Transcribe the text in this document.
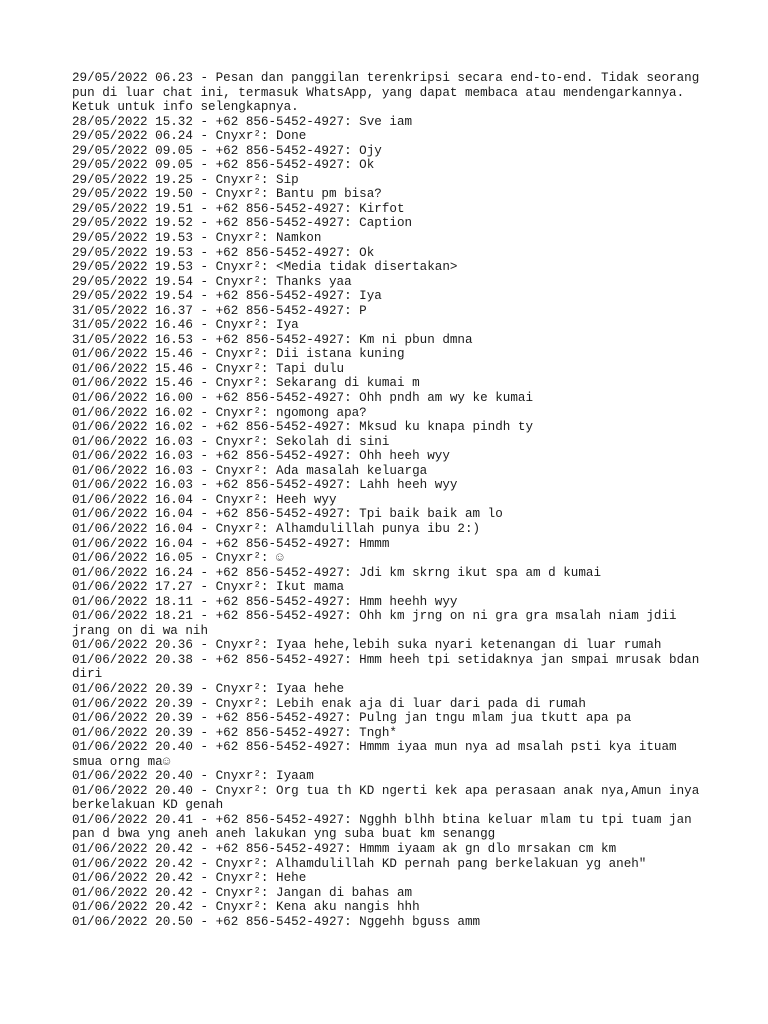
29/05/2022 06.23 - Pesan dan panggilan terenkripsi secara end-to-end. Tidak seorang pun di luar chat ini, termasuk WhatsApp, yang dapat membaca atau mendengarkannya. Ketuk untuk info selengkapnya.
28/05/2022 15.32 - +62 856-5452-4927: Sve iam
29/05/2022 06.24 - Cnyxr²: Done
29/05/2022 09.05 - +62 856-5452-4927: Ojy
29/05/2022 09.05 - +62 856-5452-4927: Ok
29/05/2022 19.25 - Cnyxr²: Sip
29/05/2022 19.50 - Cnyxr²: Bantu pm bisa?
29/05/2022 19.51 - +62 856-5452-4927: Kirfot
29/05/2022 19.52 - +62 856-5452-4927: Caption
29/05/2022 19.53 - Cnyxr²: Namkon
29/05/2022 19.53 - +62 856-5452-4927: Ok
29/05/2022 19.53 - Cnyxr²: <Media tidak disertakan>
29/05/2022 19.54 - Cnyxr²: Thanks yaa
29/05/2022 19.54 - +62 856-5452-4927: Iya
31/05/2022 16.37 - +62 856-5452-4927: P
31/05/2022 16.46 - Cnyxr²: Iya
31/05/2022 16.53 - +62 856-5452-4927: Km ni pbun dmna
01/06/2022 15.46 - Cnyxr²: Dii istana kuning
01/06/2022 15.46 - Cnyxr²: Tapi dulu
01/06/2022 15.46 - Cnyxr²: Sekarang di kumai m
01/06/2022 16.00 - +62 856-5452-4927: Ohh pndh am wy ke kumai
01/06/2022 16.02 - Cnyxr²: ngomong apa?
01/06/2022 16.02 - +62 856-5452-4927: Mksud ku knapa pindh ty
01/06/2022 16.03 - Cnyxr²: Sekolah di sini
01/06/2022 16.03 - +62 856-5452-4927: Ohh heeh wyy
01/06/2022 16.03 - Cnyxr²: Ada masalah keluarga
01/06/2022 16.03 - +62 856-5452-4927: Lahh heeh wyy
01/06/2022 16.04 - Cnyxr²: Heeh wyy
01/06/2022 16.04 - +62 856-5452-4927: Tpi baik baik am lo
01/06/2022 16.04 - Cnyxr²: Alhamdulillah punya ibu 2:)
01/06/2022 16.04 - +62 856-5452-4927: Hmmm
01/06/2022 16.05 - Cnyxr²: ☺
01/06/2022 16.24 - +62 856-5452-4927: Jdi km skrng ikut spa am d kumai
01/06/2022 17.27 - Cnyxr²: Ikut mama
01/06/2022 18.11 - +62 856-5452-4927: Hmm heehh wyy
01/06/2022 18.21 - +62 856-5452-4927: Ohh km jrng on ni gra gra msalah niam jdii jrang on di wa nih
01/06/2022 20.36 - Cnyxr²: Iyaa hehe,lebih suka nyari ketenangan di luar rumah
01/06/2022 20.38 - +62 856-5452-4927: Hmm heeh tpi setidaknya jan smpai mrusak bdan diri
01/06/2022 20.39 - Cnyxr²: Iyaa hehe
01/06/2022 20.39 - Cnyxr²: Lebih enak aja di luar dari pada di rumah
01/06/2022 20.39 - +62 856-5452-4927: Pulng jan tngu mlam jua tkutt apa pa
01/06/2022 20.39 - +62 856-5452-4927: Tngh*
01/06/2022 20.40 - +62 856-5452-4927: Hmmm iyaa mun nya ad msalah psti kya ituam smua orng ma☺
01/06/2022 20.40 - Cnyxr²: Iyaam
01/06/2022 20.40 - Cnyxr²: Org tua th KD ngerti kek apa perasaan anak nya,Amun inya berkelakuan KD genah
01/06/2022 20.41 - +62 856-5452-4927: Ngghh blhh btina keluar mlam tu tpi tuam jan pan d bwa yng aneh aneh lakukan yng suba buat km senangg
01/06/2022 20.42 - +62 856-5452-4927: Hmmm iyaam ak gn dlo mrsakan cm km
01/06/2022 20.42 - Cnyxr²: Alhamdulillah KD pernah pang berkelakuan yg aneh"
01/06/2022 20.42 - Cnyxr²: Hehe
01/06/2022 20.42 - Cnyxr²: Jangan di bahas am
01/06/2022 20.42 - Cnyxr²: Kena aku nangis hhh
01/06/2022 20.50 - +62 856-5452-4927: Nggehh bguss amm
